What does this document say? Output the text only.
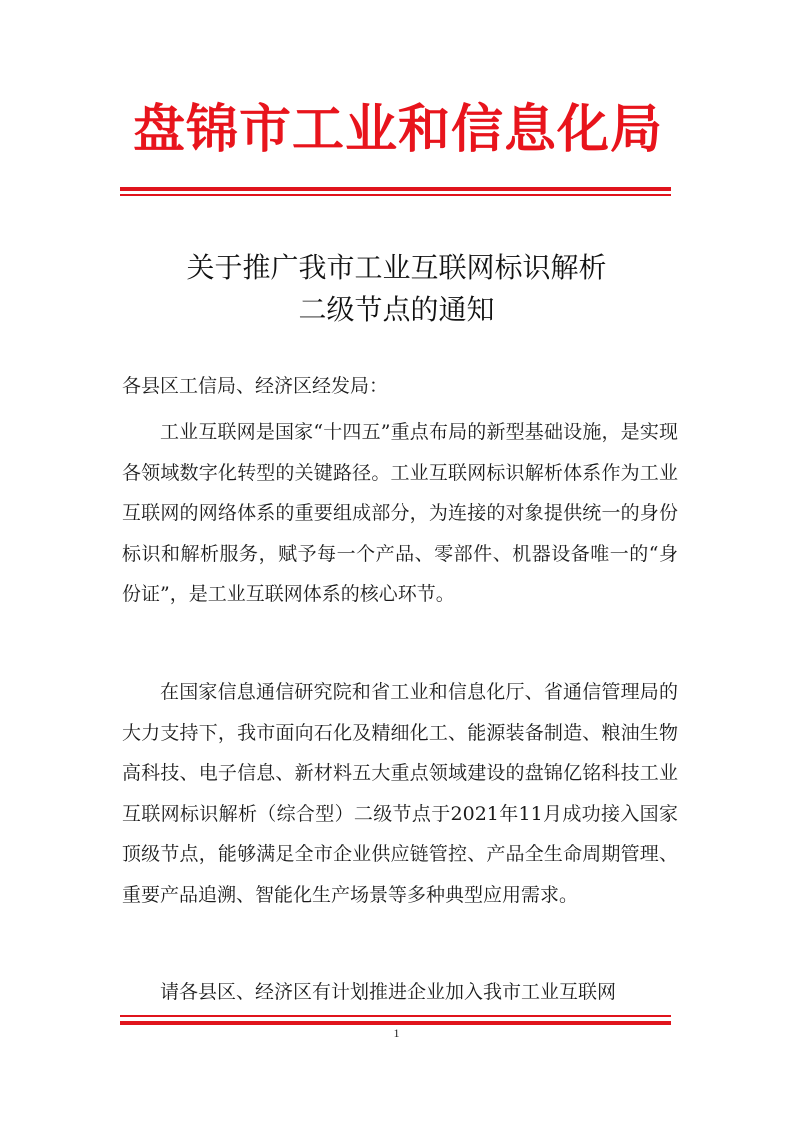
盘锦市工业和信息化局
关于推广我市工业互联网标识解析
二级节点的通知
各县区工信局、经济区经发局：

工业互联网是国家“十四五”重点布局的新型基础设施，是实现各领域数字化转型的关键路径。工业互联网标识解析体系作为工业互联网的网络体系的重要组成部分，为连接的对象提供统一的身份标识和解析服务，赋予每一个产品、零部件、机器设备唯一的“身份证”，是工业互联网体系的核心环节。

在国家信息通信研究院和省工业和信息化厅、省通信管理局的大力支持下，我市面向石化及精细化工、能源装备制造、粮油生物高科技、电子信息、新材料五大重点领域建设的盘锦亿铭科技工业互联网标识解析（综合型）二级节点于2021年11月成功接入国家顶级节点，能够满足全市企业供应链管控、产品全生命周期管理、重要产品追溯、智能化生产场景等多种典型应用需求。

请各县区、经济区有计划推进企业加入我市工业互联网

1
